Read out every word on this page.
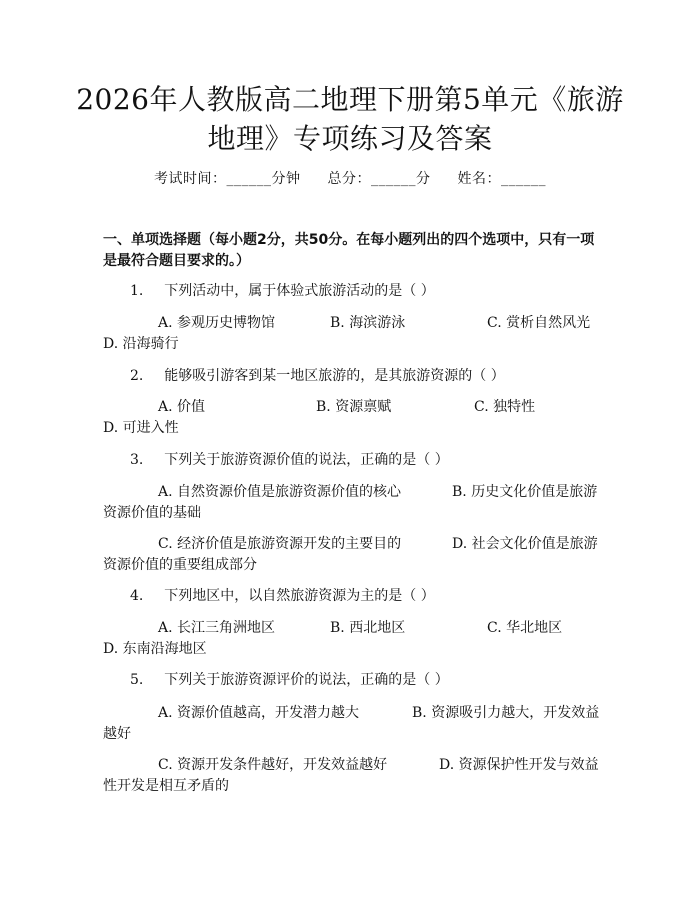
2026年人教版高二地理下册第5单元《旅游
地理》专项练习及答案
考试时间：______分钟 总分：______分 姓名：______
一、单项选择题（每小题2分，共50分。在每小题列出的四个选项中，只有一项
是最符合题目要求的。）
1. 下列活动中，属于体验式旅游活动的是（ ）
A. 参观历史博物馆	B. 海滨游泳	C. 赏析自然风光
D. 沿海骑行
2. 能够吸引游客到某一地区旅游的，是其旅游资源的（ ）
A. 价值	B. 资源禀赋	C. 独特性
D. 可进入性
3. 下列关于旅游资源价值的说法，正确的是（ ）
A. 自然资源价值是旅游资源价值的核心	B. 历史文化价值是旅游资源价值的基础
C. 经济价值是旅游资源开发的主要目的	D. 社会文化价值是旅游资源价值的重要组成部分
4. 下列地区中，以自然旅游资源为主的是（ ）
A. 长江三角洲地区	B. 西北地区	C. 华北地区
D. 东南沿海地区
5. 下列关于旅游资源评价的说法，正确的是（ ）
A. 资源价值越高，开发潜力越大	B. 资源吸引力越大，开发效益越好
C. 资源开发条件越好，开发效益越好	D. 资源保护性开发与效益性开发是相互矛盾的
